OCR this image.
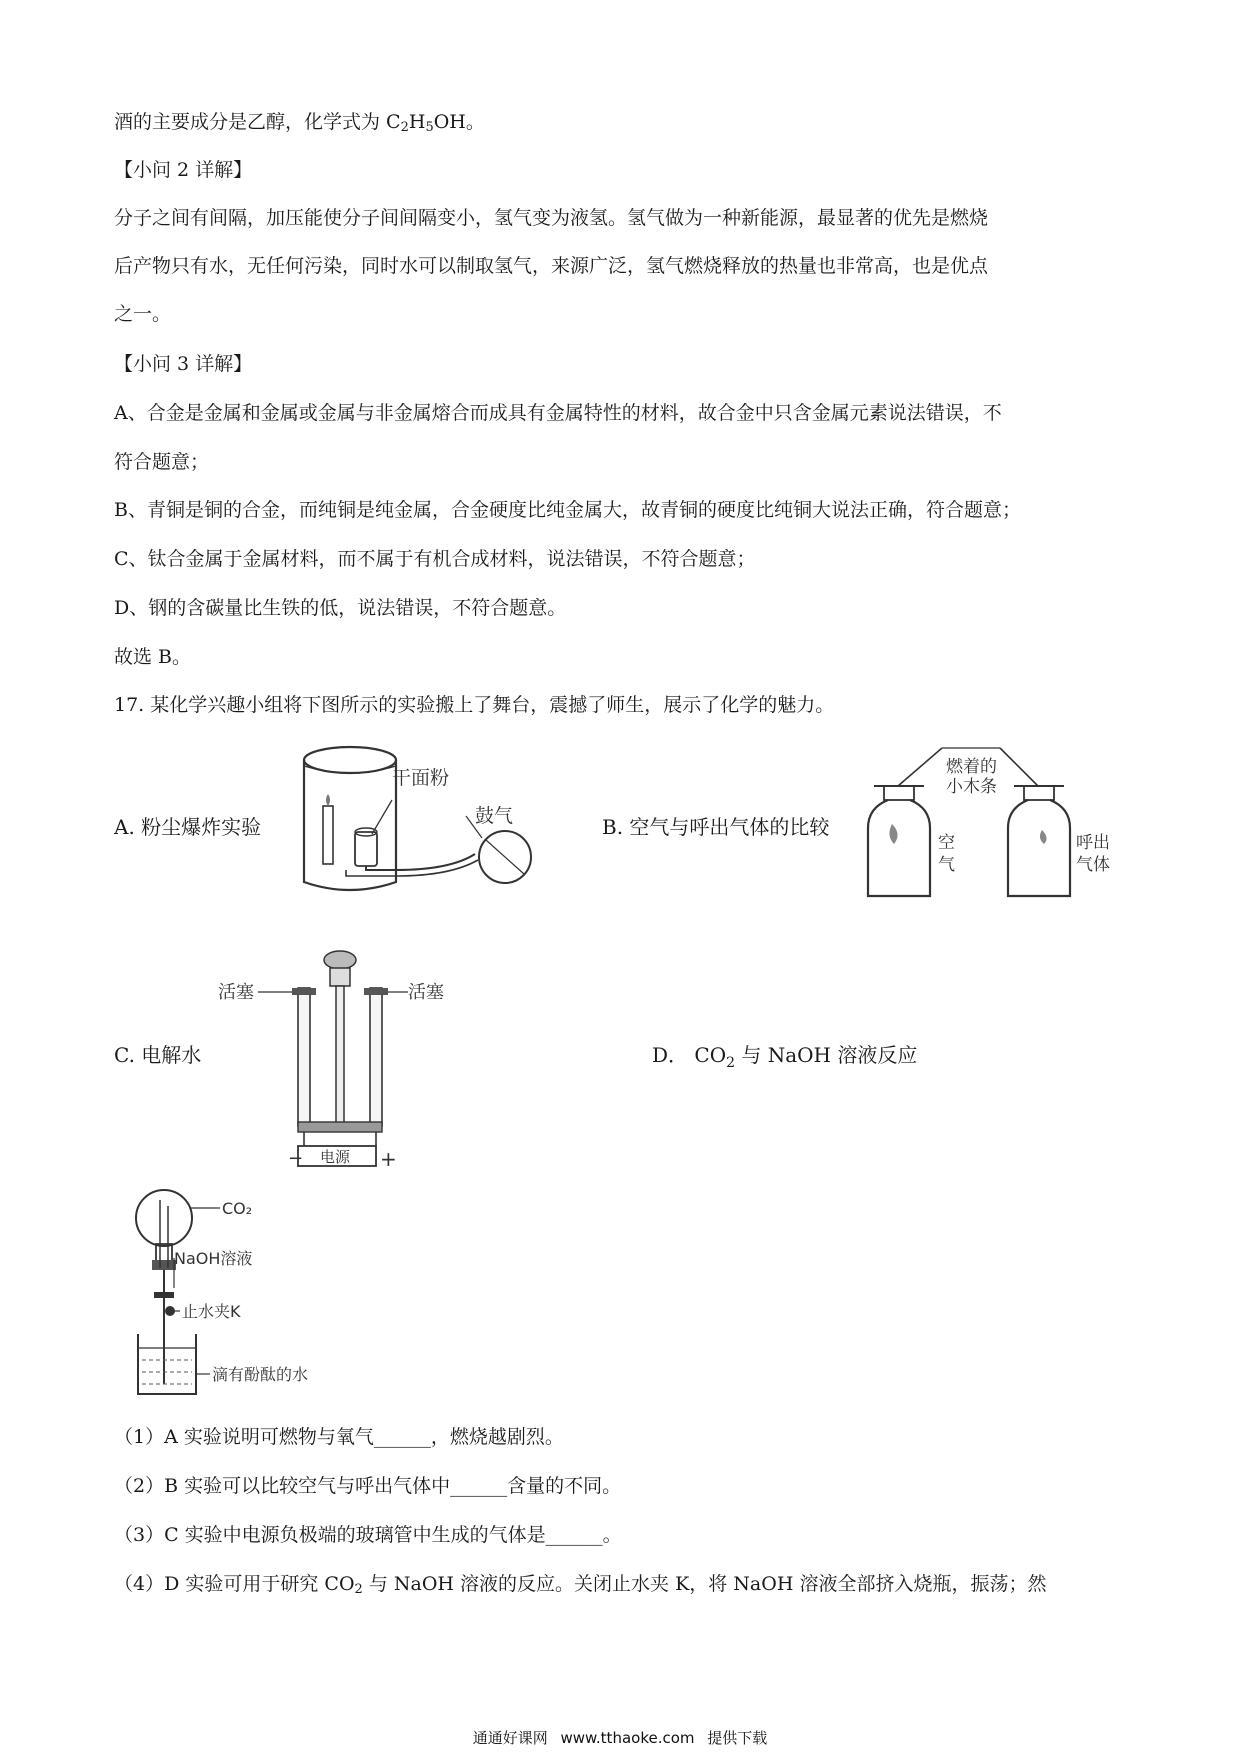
酒的主要成分是乙醇，化学式为 $C_2H_5OH$。
【小问 2 详解】
分子之间有间隔，加压能使分子间间隔变小，氢气变为液氢。氢气做为一种新能源，最显著的优先是燃烧
后产物只有水，无任何污染，同时水可以制取氢气，来源广泛，氢气燃烧释放的热量也非常高，也是优点
之一。
【小问 3 详解】
A、合金是金属和金属或金属与非金属熔合而成具有金属特性的材料，故合金中只含金属元素说法错误，不
符合题意；
B、青铜是铜的合金，而纯铜是纯金属，合金硬度比纯金属大，故青铜的硬度比纯铜大说法正确，符合题意；
C、钛合金属于金属材料，而不属于有机合成材料，说法错误，不符合题意；
D、钢的含碳量比生铁的低，说法错误，不符合题意。
故选 B。
17. 某化学兴趣小组将下图所示的实验搬上了舞台，震撼了师生，展示了化学的魅力。
A. 粉尘爆炸实验	B. 空气与呼出气体的比较
C. 电解水	D． $CO_2$ 与 NaOH 溶液反应
干面粉
鼓气
燃着的
小木条
空
气
呼出
气体
电源
−	+
活塞	活塞
CO₂
NaOH溶液
止水夹K
滴有酚酞的水
（1）A 实验说明可燃物与氧气______，燃烧越剧烈。
（2）B 实验可以比较空气与呼出气体中______含量的不同。
（3）C 实验中电源负极端的玻璃管中生成的气体是______。
（4）D 实验可用于研究 $CO_2$ 与 NaOH 溶液的反应。关闭止水夹 K，将 NaOH 溶液全部挤入烧瓶，振荡；然
通通好课网 www.tthaoke.com 提供下载
